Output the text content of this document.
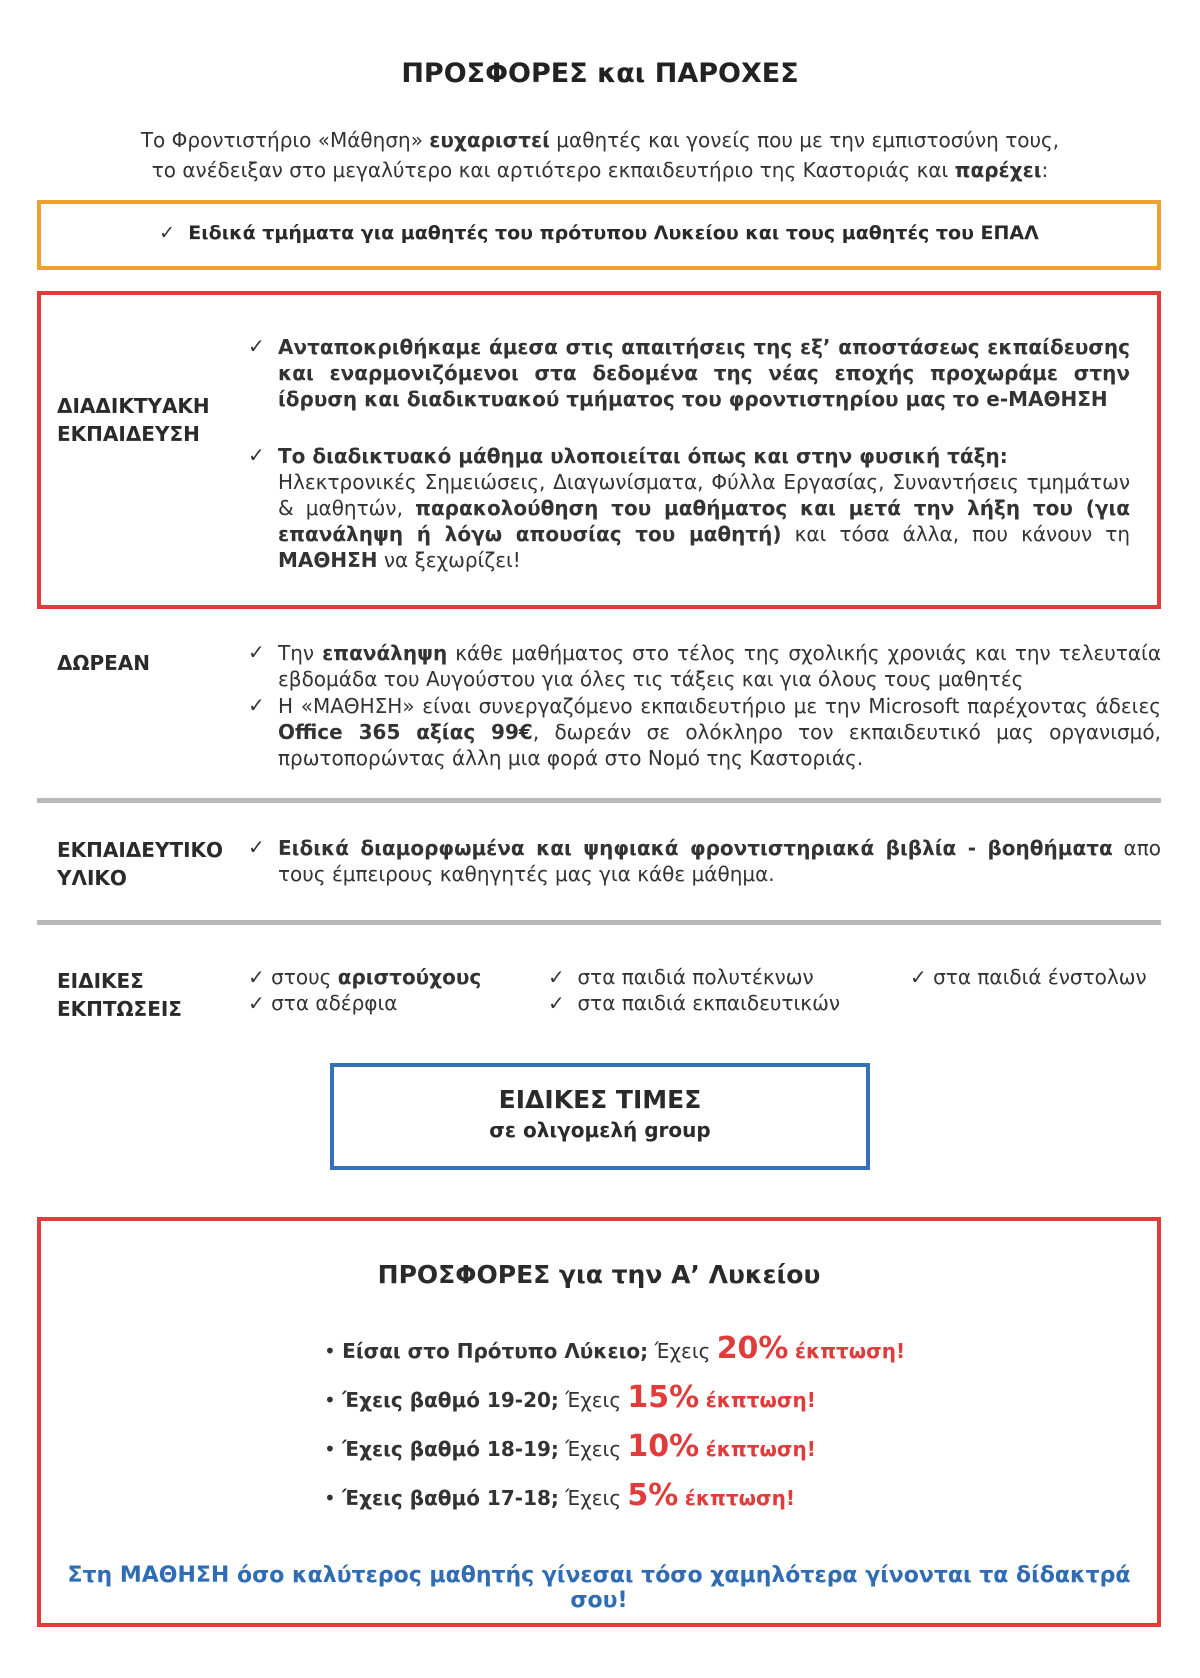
ΠΡΟΣΦΟΡΕΣ και ΠΑΡΟΧΕΣ
Το Φροντιστήριο «Μάθηση» ευχαριστεί μαθητές και γονείς που με την εμπιστοσύνη τους,
το ανέδειξαν στο μεγαλύτερο και αρτιότερο εκπαιδευτήριο της Καστοριάς και παρέχει:
✓ Ειδικά τμήματα για μαθητές του πρότυπου Λυκείου και τους μαθητές του ΕΠΑΛ
ΔΙΑΔΙΚΤΥΑΚΗ
ΕΚΠΑΙΔΕΥΣΗ
✓ Ανταποκριθήκαμε άμεσα στις απαιτήσεις της εξ’ αποστάσεως εκπαίδευσης και εναρμονιζόμενοι στα δεδομένα της νέας εποχής προχωράμε στην ίδρυση και διαδικτυακού τμήματος του φροντιστηρίου μας το e-ΜΑΘΗΣΗ
✓ Το διαδικτυακό μάθημα υλοποιείται όπως και στην φυσική τάξη:
Ηλεκτρονικές Σημειώσεις, Διαγωνίσματα, Φύλλα Εργασίας, Συναντήσεις τμημάτων & μαθητών, παρακολούθηση του μαθήματος και μετά την λήξη του (για επανάληψη ή λόγω απουσίας του μαθητή) και τόσα άλλα, που κάνουν τη ΜΑΘΗΣΗ να ξεχωρίζει!
ΔΩΡΕΑΝ	✓ Την επανάληψη κάθε μαθήματος στο τέλος της σχολικής χρονιάς και την τελευταία εβδομάδα του Αυγούστου για όλες τις τάξεις και για όλους τους μαθητές
✓ Η «ΜΑΘΗΣΗ» είναι συνεργαζόμενο εκπαιδευτήριο με την Microsoft παρέχοντας άδειες Office 365 αξίας 99€, δωρεάν σε ολόκληρο τον εκπαιδευτικό μας οργανισμό, πρωτοπορώντας άλλη μια φορά στο Νομό της Καστοριάς.
ΕΚΠΑΙΔΕΥΤΙΚΟ
ΥΛΙΚΟ
✓ Ειδικά διαμορφωμένα και ψηφιακά φροντιστηριακά βιβλία - βοηθήματα απο τους έμπειρους καθηγητές μας για κάθε μάθημα.
ΕΙΔΙΚΕΣ
ΕΚΠΤΩΣΕΙΣ
✓ στους αριστούχους
✓ στα αδέρφια
✓ στα παιδιά πολυτέκνων
✓ στα παιδιά εκπαιδευτικών
✓ στα παιδιά ένστολων
ΕΙΔΙΚΕΣ ΤΙΜΕΣ
σε ολιγομελή group
ΠΡΟΣΦΟΡΕΣ για την Α’ Λυκείου
• Είσαι στο Πρότυπο Λύκειο; Έχεις 20% έκπτωση!
• Έχεις βαθμό 19-20; Έχεις 15% έκπτωση!
• Έχεις βαθμό 18-19; Έχεις 10% έκπτωση!
• Έχεις βαθμό 17-18; Έχεις 5% έκπτωση!
Στη ΜΑΘΗΣΗ όσο καλύτερος μαθητής γίνεσαι τόσο χαμηλότερα γίνονται τα δίδακτρά σου!
